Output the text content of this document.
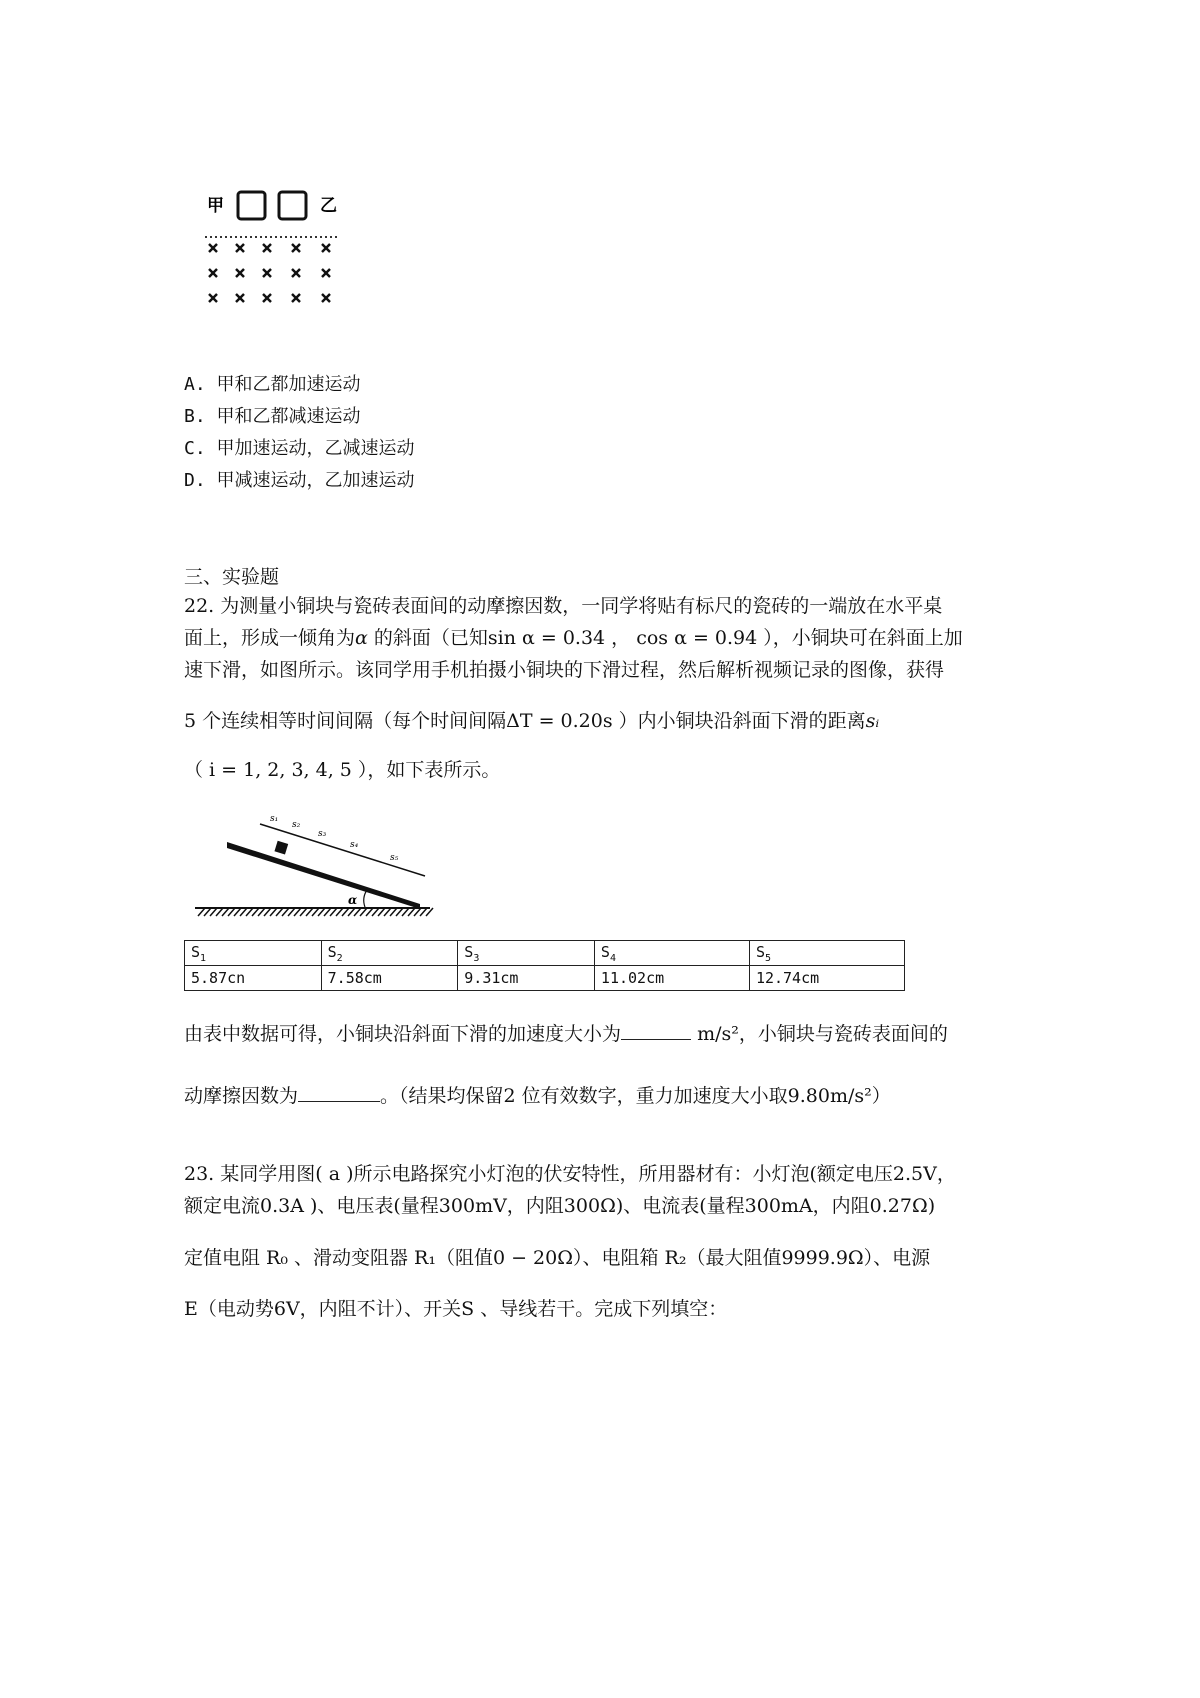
甲	乙
A. 甲和乙都加速运动
B. 甲和乙都减速运动
C. 甲加速运动，乙减速运动
D. 甲减速运动，乙加速运动
三、实验题
22. 为测量小铜块与瓷砖表面间的动摩擦因数，一同学将贴有标尺的瓷砖的一端放在水平桌
面上，形成一倾角为α 的斜面（已知sin α = 0.34 ， cos α = 0.94 ），小铜块可在斜面上加
速下滑，如图所示。该同学用手机拍摄小铜块的下滑过程，然后解析视频记录的图像，获得
5 个连续相等时间间隔（每个时间间隔ΔT = 0.20s ）内小铜块沿斜面下滑的距离sᵢ
（ i = 1, 2, 3, 4, 5 ），如下表所示。
s₁
s₂
s₃
s₄
s₅
α
$S_1$	$S_2$	$S_3$	$S_4$	$S_5$
5.87cn	7.58cm	9.31cm	11.02cm	12.74cm
由表中数据可得，小铜块沿斜面下滑的加速度大小为	m/s²，小铜块与瓷砖表面间的
动摩擦因数为	。（结果均保留2 位有效数字，重力加速度大小取9.80m/s²）
23. 某同学用图( a )所示电路探究小灯泡的伏安特性，所用器材有：小灯泡(额定电压2.5V，
额定电流0.3A )、电压表(量程300mV，内阻300Ω)、电流表(量程300mA，内阻0.27Ω)
定值电阻 R₀ 、滑动变阻器 R₁（阻值0 − 20Ω）、电阻箱 R₂（最大阻值9999.9Ω）、电源
E（电动势6V，内阻不计）、开关S 、导线若干。完成下列填空：
